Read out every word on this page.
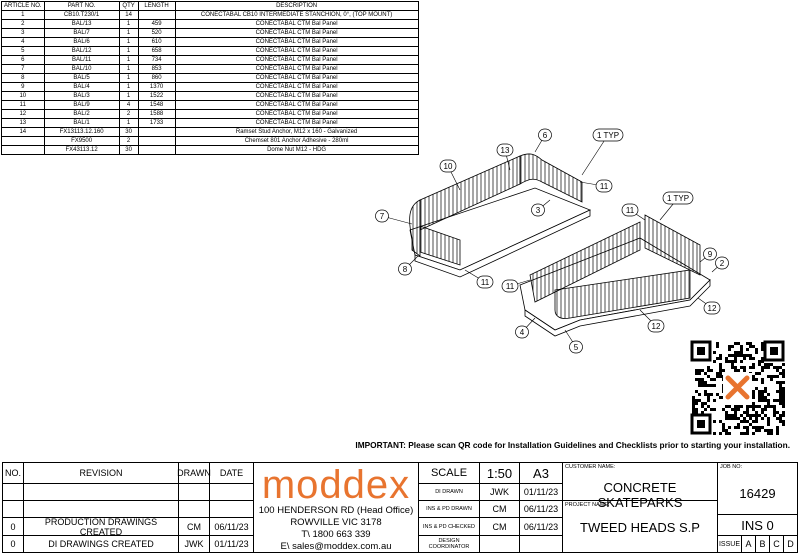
ARTICLE NO.	PART NO.	QTY	LENGTH	DESCRIPTION
1	CB10.T230/1	14		CONECTABAL CB10 INTERMEDIATE STANCHION, 0°, (TOP MOUNT)
2	BAL/13	1	459	CONECTABAL CTM Bal Panel
3	BAL/7	1	520	CONECTABAL CTM Bal Panel
4	BAL/6	1	610	CONECTABAL CTM Bal Panel
5	BAL/12	1	658	CONECTABAL CTM Bal Panel
6	BAL/11	1	734	CONECTABAL CTM Bal Panel
7	BAL/10	1	853	CONECTABAL CTM Bal Panel
8	BAL/5	1	860	CONECTABAL CTM Bal Panel
9	BAL/4	1	1370	CONECTABAL CTM Bal Panel
10	BAL/3	1	1522	CONECTABAL CTM Bal Panel
11	BAL/9	4	1548	CONECTABAL CTM Bal Panel
12	BAL/2	2	1588	CONECTABAL CTM Bal Panel
13	BAL/1	1	1733	CONECTABAL CTM Bal Panel
14	FX13113.12.160	30		Ramset Stud Anchor, M12 x 160 - Galvanized
	FX9500	2		Chemset 801 Anchor Adhesive - 280ml
	FX43113.12	30		Dome Nut M12 - HDG
6	1 TYP
13
10
11
3
7
8
11 11
1 TYP
11
9
2
12
12
4
5
IMPORTANT: Please scan QR code for Installation Guidelines and Checklists prior to starting your installation.
NO.	REVISION	DRAWN DATE
0	PRODUCTION DRAWINGS CREATED	CM	06/11/23
0	DI DRAWINGS CREATED	JWK	01/11/23
moddex
100 HENDERSON RD (Head Office)
ROWVILLE VIC 3178
T\ 1800 663 339
E\ sales@moddex.com.au
SCALE	1:50	A3
DI DRAWN	JWK	01/11/23
INS & PD DRAWN	CM	06/11/23
INS & PD CHECKED	CM	06/11/23
DESIGN COORDINATOR
CUSTOMER NAME:
CONCRETE SKATEPARKS
PROJECT NAME:
TWEED HEADS S.P
JOB NO:
16429
INS 0
ISSUE A B C D
